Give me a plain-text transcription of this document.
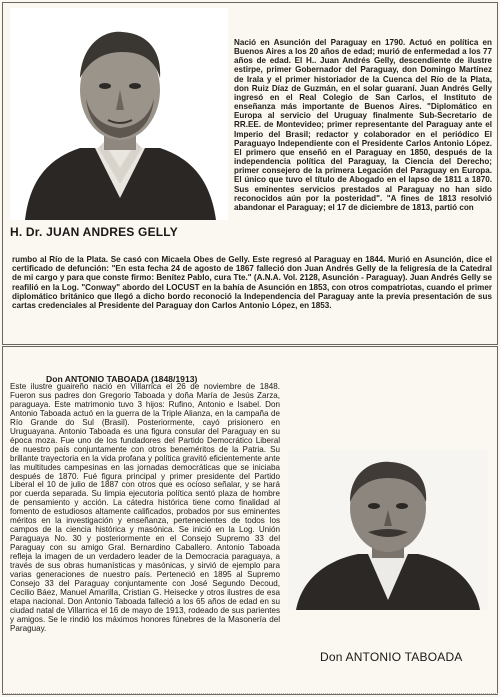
H. Dr. JUAN ANDRES GELLY
Nació en Asunción del Paraguay en 1790. Actuó en política en Buenos Aires a los 20 años de edad; murió de enfermedad a los 77 años de edad. El H.. Juan Andrés Gelly, descendiente de ilustre estirpe, primer Gobernador del Paraguay, don Domingo Martínez de Irala y el primer historiador de la Cuenca del Río de la Plata, don Ruiz Díaz de Guzmán, en el solar guaraní. Juan Andrés Gelly ingresó en el Real Colegio de San Carlos, el Instituto de enseñanza más importante de Buenos Aires. "Diplomático en Europa al servicio del Uruguay finalmente Sub-Secretario de RR.EE. de Montevideo; primer representante del Paraguay ante el Imperio del Brasil; redactor y colaborador en el periódico El Paraguayo Independiente con el Presidente Carlos Antonio López. El primero que enseñó en el Paraguay en 1850, después de la independencia política del Paraguay, la Ciencia del Derecho; primer consejero de la primera Legación del Paraguay en Europa. El único que tuvo el título de Abogado en el lapso de 1811 a 1870. Sus eminentes servicios prestados al Paraguay no han sido reconocidos aún por la posteridad". "A fines de 1813 resolvió abandonar el Paraguay; el 17 de diciembre de 1813, partió con
rumbo al Río de la Plata. Se casó con Micaela Obes de Gelly. Este regresó al Paraguay en 1844. Murió en Asunción, dice el certificado de defunción: "En esta fecha 24 de agosto de 1867 falleció don Juan Andrés Gelly de la feligresía de la Catedral de mi cargo y para que conste firmo: Benítez Pablo, cura Tte." (A.N.A. Vol. 2128, Asunción - Paraguay). Juan Andrés Gelly se reafilió en la Log. "Conway" abordo del LOCUST en la bahía de Asunción en 1853, con otros compatriotas, cuando el primer diplomático británico que llegó a dicho bordo reconoció la Independencia del Paraguay ante la previa presentación de sus cartas credenciales al Presidente del Paraguay don Carlos Antonio López, en 1853.
Don ANTONIO TABOADA (1848/1913)
Este ilustre guaireño nació en Villarrica el 26 de noviembre de 1848. Fueron sus padres don Gregorio Taboada y doña María de Jesús Zarza, paraguaya. Este matrimonio tuvo 3 hijos: Rufino, Antonio e Isabel. Don Antonio Taboada actuó en la guerra de la Triple Alianza, en la campaña de Río Grande do Sul (Brasil). Posteriormente, cayó prisionero en Uruguayana. Antonio Taboada es una figura consular del Paraguay en su época moza. Fue uno de los fundadores del Partido Democrático Liberal de nuestro país conjuntamente con otros beneméritos de la Patria. Su brillante trayectoria en la vida profana y política gravitó eficientemente ante las multitudes campesinas en las jornadas democráticas que se iniciaba después de 1870. Fué figura principal y primer presidente del Partido Liberal el 10 de julio de 1887 con otros que es ocioso señalar, y se hará por cuerda separada. Su limpia ejecutoria política sentó plaza de hombre de pensamiento y acción. La cátedra histórica tiene como finalidad al fomento de estudiosos altamente calificados, probados por sus eminentes méritos en la investigación y enseñanza, pertenecientes de todos los campos de la ciencia histórica y masónica. Se inició en la Log. Unión Paraguaya No. 30 y posteriormente en el Consejo Supremo 33 del Paraguay con su amigo Gral. Bernardino Caballero. Antonio Taboada refleja la imagen de un verdadero leader de la Democracia paraguaya, a través de sus obras humanísticas y masónicas, y sirvió de ejemplo para varias generaciones de nuestro país. Perteneció en 1895 al Supremo Consejo 33 del Paraguay conjuntamente con José Segundo Decoud, Cecilio Báez, Manuel Amarilla, Cristian G. Heisecke y otros ilustres de esa etapa nacional. Don Antonio Taboada falleció a los 65 años de edad en su ciudad natal de Villarrica el 16 de mayo de 1913, rodeado de sus parientes y amigos. Se le rindió los máximos honores fúnebres de la Masonería del Paraguay.
Don ANTONIO TABOADA
